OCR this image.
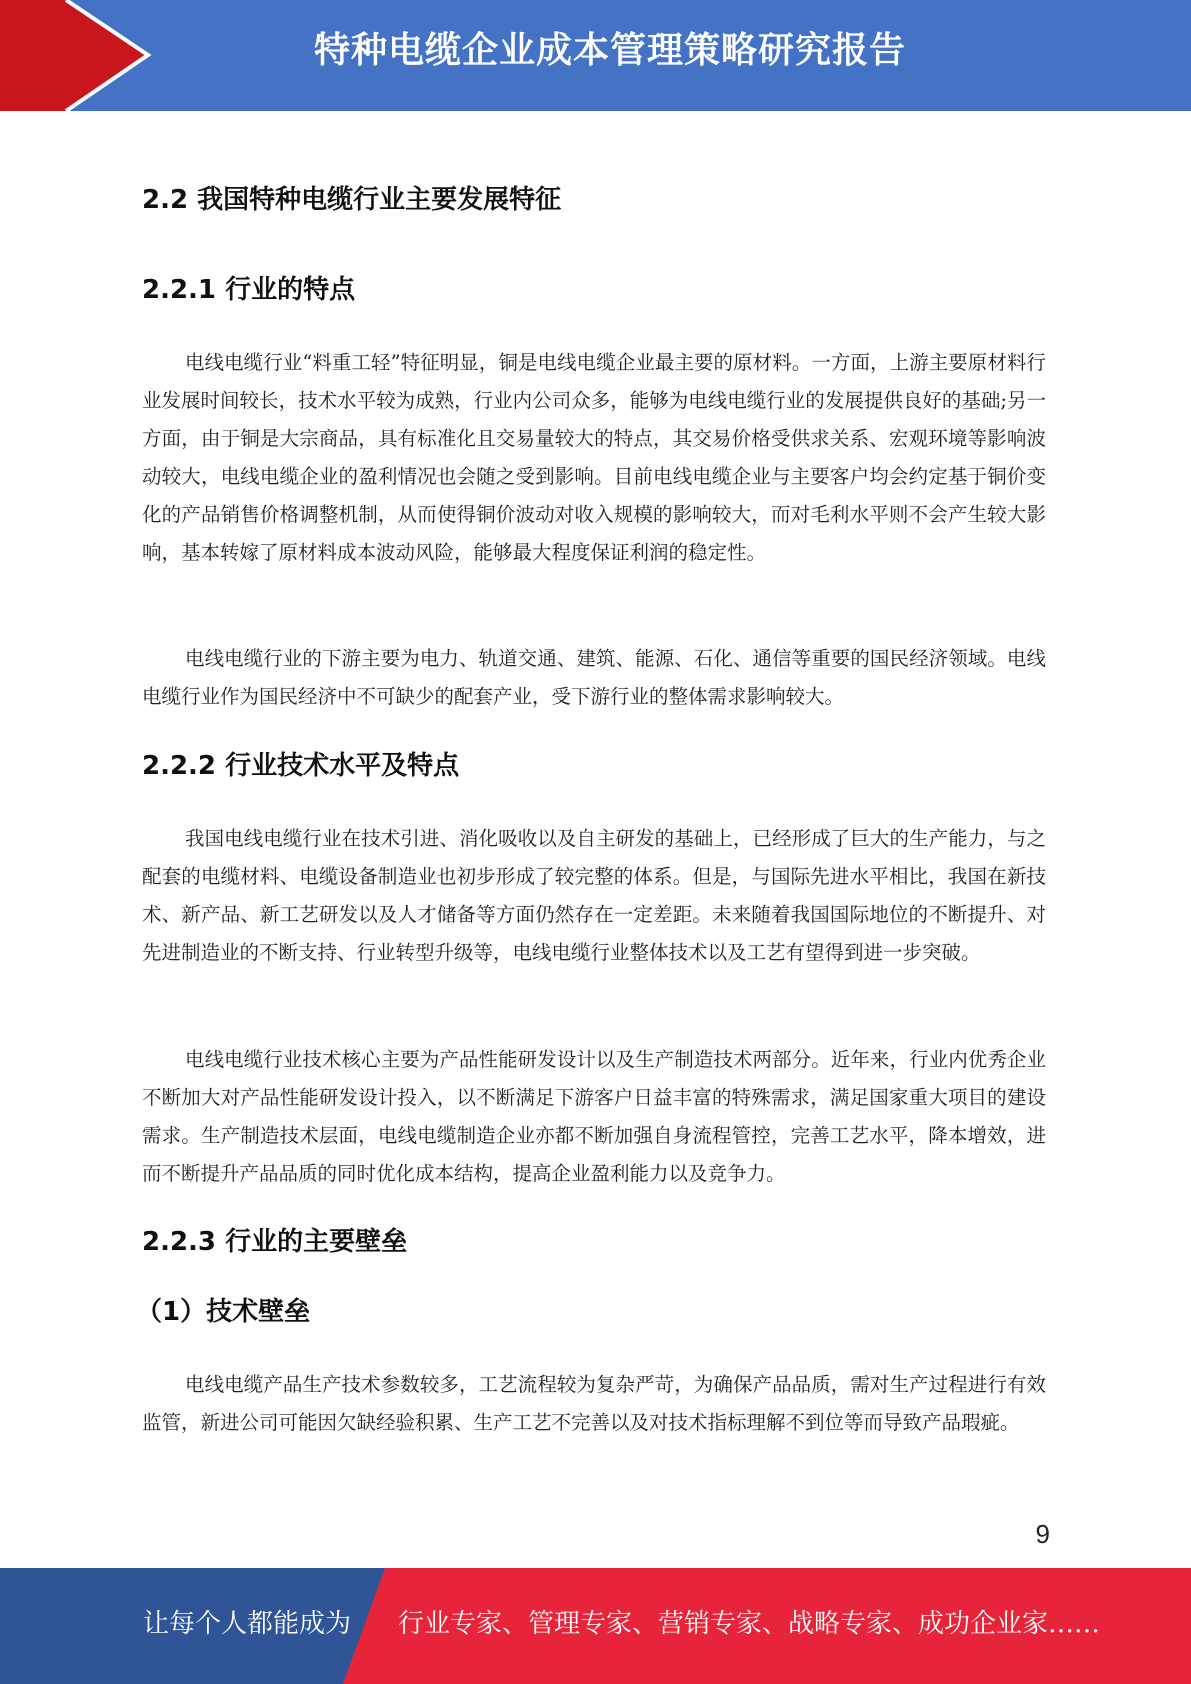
特种电缆企业成本管理策略研究报告
2.2 我国特种电缆行业主要发展特征
2.2.1 行业的特点

电线电缆行业“料重工轻”特征明显，铜是电线电缆企业最主要的原材料。一方面，上游主要原材料行业发展时间较长，技术水平较为成熟，行业内公司众多，能够为电线电缆行业的发展提供良好的基础;另一方面，由于铜是大宗商品，具有标准化且交易量较大的特点，其交易价格受供求关系、宏观环境等影响波动较大，电线电缆企业的盈利情况也会随之受到影响。目前电线电缆企业与主要客户均会约定基于铜价变化的产品销售价格调整机制，从而使得铜价波动对收入规模的影响较大，而对毛利水平则不会产生较大影响，基本转嫁了原材料成本波动风险，能够最大程度保证利润的稳定性。

电线电缆行业的下游主要为电力、轨道交通、建筑、能源、石化、通信等重要的国民经济领域。电线电缆行业作为国民经济中不可缺少的配套产业，受下游行业的整体需求影响较大。

2.2.2 行业技术水平及特点

我国电线电缆行业在技术引进、消化吸收以及自主研发的基础上，已经形成了巨大的生产能力，与之配套的电缆材料、电缆设备制造业也初步形成了较完整的体系。但是，与国际先进水平相比，我国在新技术、新产品、新工艺研发以及人才储备等方面仍然存在一定差距。未来随着我国国际地位的不断提升、对先进制造业的不断支持、行业转型升级等，电线电缆行业整体技术以及工艺有望得到进一步突破。

电线电缆行业技术核心主要为产品性能研发设计以及生产制造技术两部分。近年来，行业内优秀企业不断加大对产品性能研发设计投入，以不断满足下游客户日益丰富的特殊需求，满足国家重大项目的建设需求。生产制造技术层面，电线电缆制造企业亦都不断加强自身流程管控，完善工艺水平，降本增效，进而不断提升产品品质的同时优化成本结构，提高企业盈利能力以及竞争力。

2.2.3 行业的主要壁垒
（1）技术壁垒

电线电缆产品生产技术参数较多，工艺流程较为复杂严苛，为确保产品品质，需对生产过程进行有效监管，新进公司可能因欠缺经验积累、生产工艺不完善以及对技术指标理解不到位等而导致产品瑕疵。

9
让每个人都能成为 行业专家、管理专家、营销专家、战略专家、成功企业家……
